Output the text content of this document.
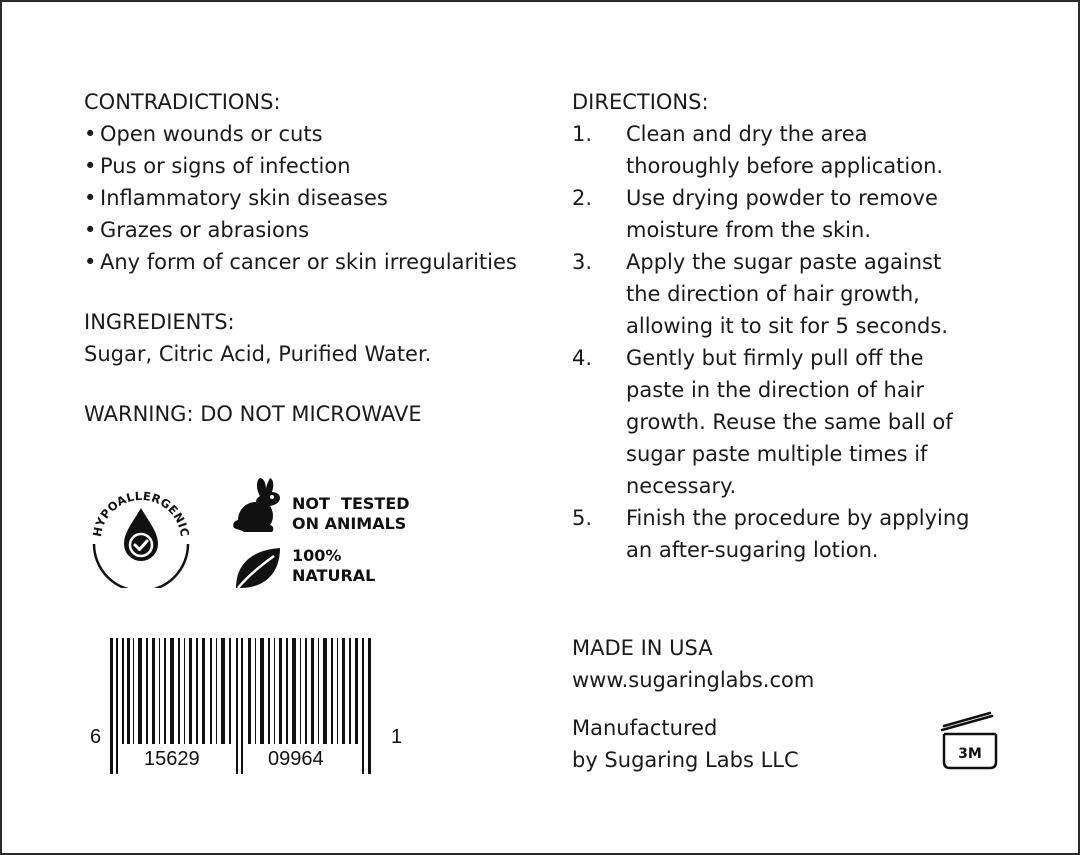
CONTRADICTIONS:

• Open wounds or cuts
• Pus or signs of infection
• Inflammatory skin diseases
• Grazes or abrasions
• Any form of cancer or skin irregularities

INGREDIENTS:

Sugar, Citric Acid, Purified Water.
WARNING: DO NOT MICROWAVE
HYPOALLERGENIC
NOT  TESTED
ON ANIMALS
100%
NATURAL
6
15629	09964
1

DIRECTIONS:

1.	Clean and dry the area
thoroughly before application.
2.	Use drying powder to remove
moisture from the skin.
3.	Apply the sugar paste against
the direction of hair growth,
allowing it to sit for 5 seconds.
4.	Gently but firmly pull off the
paste in the direction of hair
growth. Reuse the same ball of
sugar paste multiple times if
necessary.
5.	Finish the procedure by applying
an after-sugaring lotion.
MADE IN USA
www.sugaringlabs.com
Manufactured
by Sugaring Labs LLC	3M
